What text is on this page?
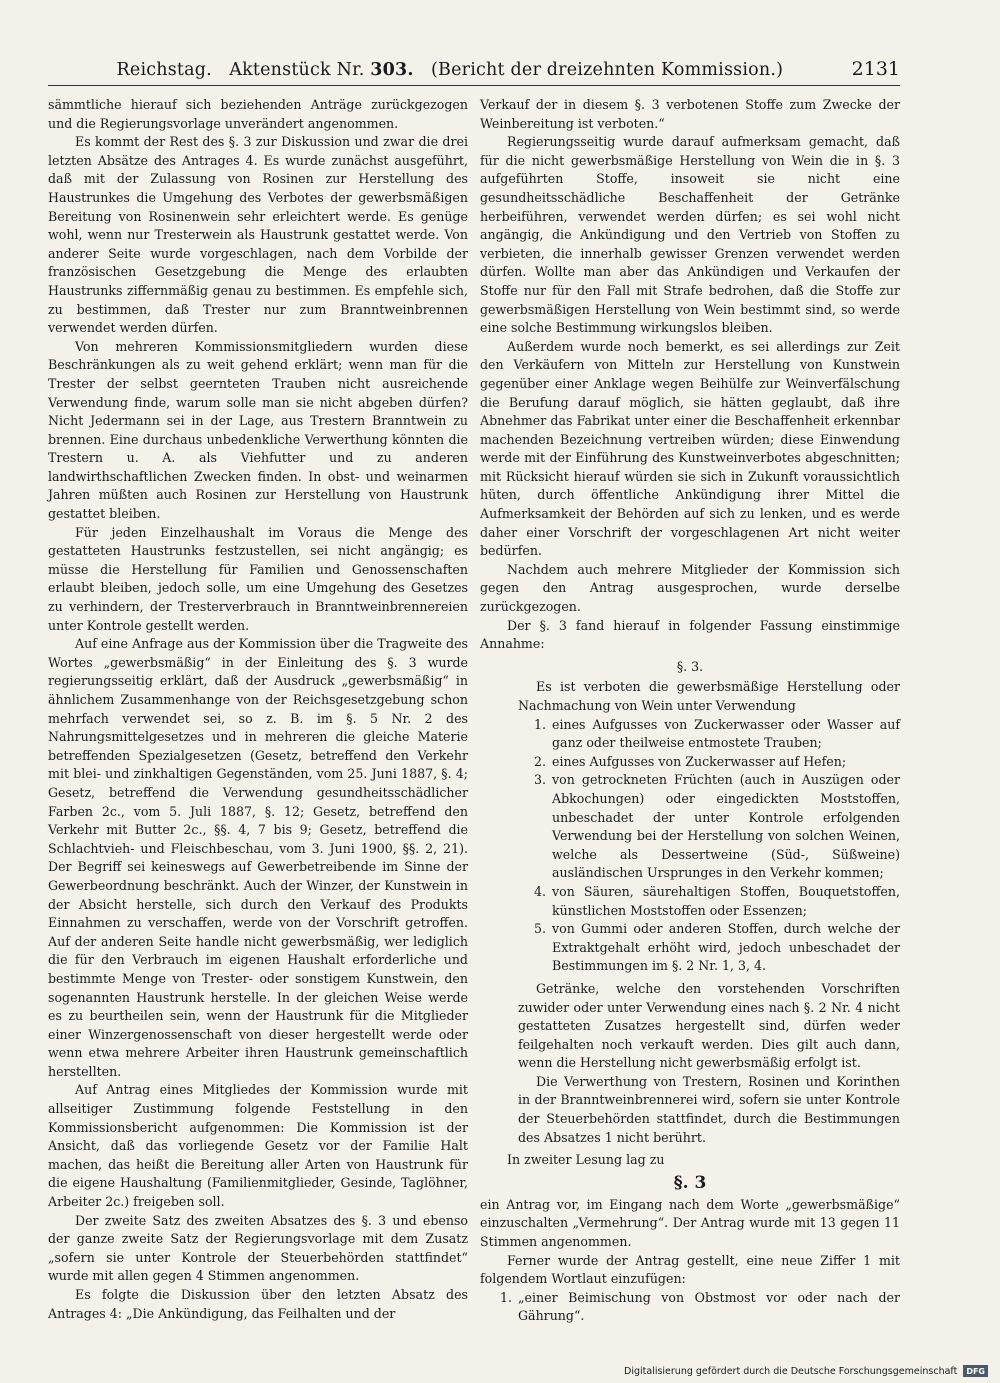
Reichstag. Aktenstück Nr. 303. (Bericht der dreizehnten Kommission.)	2131

sämmtliche hierauf sich beziehenden Anträge zurückgezogen und die Regierungsvorlage unverändert angenommen.

Es kommt der Rest des §. 3 zur Diskussion und zwar die drei letzten Absätze des Antrages 4. Es wurde zunächst ausgeführt, daß mit der Zulassung von Rosinen zur Herstellung des Haustrunkes die Umgehung des Verbotes der gewerbsmäßigen Bereitung von Rosinenwein sehr erleichtert werde. Es genüge wohl, wenn nur Tresterwein als Haustrunk gestattet werde. Von anderer Seite wurde vorgeschlagen, nach dem Vorbilde der französischen Gesetzgebung die Menge des erlaubten Haustrunks ziffernmäßig genau zu bestimmen. Es empfehle sich, zu bestimmen, daß Trester nur zum Branntweinbrennen verwendet werden dürfen.

Von mehreren Kommissionsmitgliedern wurden diese Beschränkungen als zu weit gehend erklärt; wenn man für die Trester der selbst geernteten Trauben nicht ausreichende Verwendung finde, warum solle man sie nicht abgeben dürfen? Nicht Jedermann sei in der Lage, aus Trestern Branntwein zu brennen. Eine durchaus unbedenkliche Verwerthung könnten die Trestern u. A. als Viehfutter und zu anderen landwirthschaftlichen Zwecken finden. In obst- und weinarmen Jahren müßten auch Rosinen zur Herstellung von Haustrunk gestattet bleiben.

Für jeden Einzelhaushalt im Voraus die Menge des gestatteten Haustrunks festzustellen, sei nicht angängig; es müsse die Herstellung für Familien und Genossenschaften erlaubt bleiben, jedoch solle, um eine Umgehung des Gesetzes zu verhindern, der Tresterverbrauch in Branntweinbrennereien unter Kontrole gestellt werden.

Auf eine Anfrage aus der Kommission über die Tragweite des Wortes „gewerbsmäßig“ in der Einleitung des §. 3 wurde regierungsseitig erklärt, daß der Ausdruck „gewerbsmäßig“ in ähnlichem Zusammenhange von der Reichsgesetzgebung schon mehrfach verwendet sei, so z. B. im §. 5 Nr. 2 des Nahrungsmittelgesetzes und in mehreren die gleiche Materie betreffenden Spezialgesetzen (Gesetz, betreffend den Verkehr mit blei- und zinkhaltigen Gegenständen, vom 25. Juni 1887, §. 4; Gesetz, betreffend die Verwendung gesundheitsschädlicher Farben 2c., vom 5. Juli 1887, §. 12; Gesetz, betreffend den Verkehr mit Butter 2c., §§. 4, 7 bis 9; Gesetz, betreffend die Schlachtvieh- und Fleischbeschau, vom 3. Juni 1900, §§. 2, 21). Der Begriff sei keineswegs auf Gewerbetreibende im Sinne der Gewerbeordnung beschränkt. Auch der Winzer, der Kunstwein in der Absicht herstelle, sich durch den Verkauf des Produkts Einnahmen zu verschaffen, werde von der Vorschrift getroffen. Auf der anderen Seite handle nicht gewerbsmäßig, wer lediglich die für den Verbrauch im eigenen Haushalt erforderliche und bestimmte Menge von Trester- oder sonstigem Kunstwein, den sogenannten Haustrunk herstelle. In der gleichen Weise werde es zu beurtheilen sein, wenn der Haustrunk für die Mitglieder einer Winzergenossenschaft von dieser hergestellt werde oder wenn etwa mehrere Arbeiter ihren Haustrunk gemeinschaftlich herstellten.

Auf Antrag eines Mitgliedes der Kommission wurde mit allseitiger Zustimmung folgende Feststellung in den Kommissionsbericht aufgenommen: Die Kommission ist der Ansicht, daß das vorliegende Gesetz vor der Familie Halt machen, das heißt die Bereitung aller Arten von Haustrunk für die eigene Haushaltung (Familienmitglieder, Gesinde, Taglöhner, Arbeiter 2c.) freigeben soll.

Der zweite Satz des zweiten Absatzes des §. 3 und ebenso der ganze zweite Satz der Regierungsvorlage mit dem Zusatz „sofern sie unter Kontrole der Steuerbehörden stattfindet“ wurde mit allen gegen 4 Stimmen angenommen.

Es folgte die Diskussion über den letzten Absatz des Antrages 4: „Die Ankündigung, das Feilhalten und der

Verkauf der in diesem §. 3 verbotenen Stoffe zum Zwecke der Weinbereitung ist verboten.“

Regierungsseitig wurde darauf aufmerksam gemacht, daß für die nicht gewerbsmäßige Herstellung von Wein die in §. 3 aufgeführten Stoffe, insoweit sie nicht eine gesundheitsschädliche Beschaffenheit der Getränke herbeiführen, verwendet werden dürfen; es sei wohl nicht angängig, die Ankündigung und den Vertrieb von Stoffen zu verbieten, die innerhalb gewisser Grenzen verwendet werden dürfen. Wollte man aber das Ankündigen und Verkaufen der Stoffe nur für den Fall mit Strafe bedrohen, daß die Stoffe zur gewerbsmäßigen Herstellung von Wein bestimmt sind, so werde eine solche Bestimmung wirkungslos bleiben.

Außerdem wurde noch bemerkt, es sei allerdings zur Zeit den Verkäufern von Mitteln zur Herstellung von Kunstwein gegenüber einer Anklage wegen Beihülfe zur Weinverfälschung die Berufung darauf möglich, sie hätten geglaubt, daß ihre Abnehmer das Fabrikat unter einer die Beschaffenheit erkennbar machenden Bezeichnung vertreiben würden; diese Einwendung werde mit der Einführung des Kunstweinverbotes abgeschnitten; mit Rücksicht hierauf würden sie sich in Zukunft voraussichtlich hüten, durch öffentliche Ankündigung ihrer Mittel die Aufmerksamkeit der Behörden auf sich zu lenken, und es werde daher einer Vorschrift der vorgeschlagenen Art nicht weiter bedürfen.

Nachdem auch mehrere Mitglieder der Kommission sich gegen den Antrag ausgesprochen, wurde derselbe zurückgezogen.

Der §. 3 fand hierauf in folgender Fassung einstimmige Annahme:

§. 3.

Es ist verboten die gewerbsmäßige Herstellung oder Nachmachung von Wein unter Verwendung

1. eines Aufgusses von Zuckerwasser oder Wasser auf ganz oder theilweise entmostete Trauben;
2. eines Aufgusses von Zuckerwasser auf Hefen;
3. von getrockneten Früchten (auch in Auszügen oder Abkochungen) oder eingedickten Moststoffen, unbeschadet der unter Kontrole erfolgenden Verwendung bei der Herstellung von solchen Weinen, welche als Dessertweine (Süd-, Süßweine) ausländischen Ursprunges in den Verkehr kommen;
4. von Säuren, säurehaltigen Stoffen, Bouquetstoffen, künstlichen Moststoffen oder Essenzen;
5. von Gummi oder anderen Stoffen, durch welche der Extraktgehalt erhöht wird, jedoch unbeschadet der Bestimmungen im §. 2 Nr. 1, 3, 4.

Getränke, welche den vorstehenden Vorschriften zuwider oder unter Verwendung eines nach §. 2 Nr. 4 nicht gestatteten Zusatzes hergestellt sind, dürfen weder feilgehalten noch verkauft werden. Dies gilt auch dann, wenn die Herstellung nicht gewerbsmäßig erfolgt ist.

Die Verwerthung von Trestern, Rosinen und Korinthen in der Branntweinbrennerei wird, sofern sie unter Kontrole der Steuerbehörden stattfindet, durch die Bestimmungen des Absatzes 1 nicht berührt.

In zweiter Lesung lag zu

§. 3

ein Antrag vor, im Eingang nach dem Worte „gewerbsmäßige“ einzuschalten „Vermehrung“. Der Antrag wurde mit 13 gegen 11 Stimmen angenommen.

Ferner wurde der Antrag gestellt, eine neue Ziffer 1 mit folgendem Wortlaut einzufügen:

1. „einer Beimischung von Obstmost vor oder nach der Gährung“.
Digitalisierung gefördert durch die Deutsche Forschungsgemeinschaft	DFG
